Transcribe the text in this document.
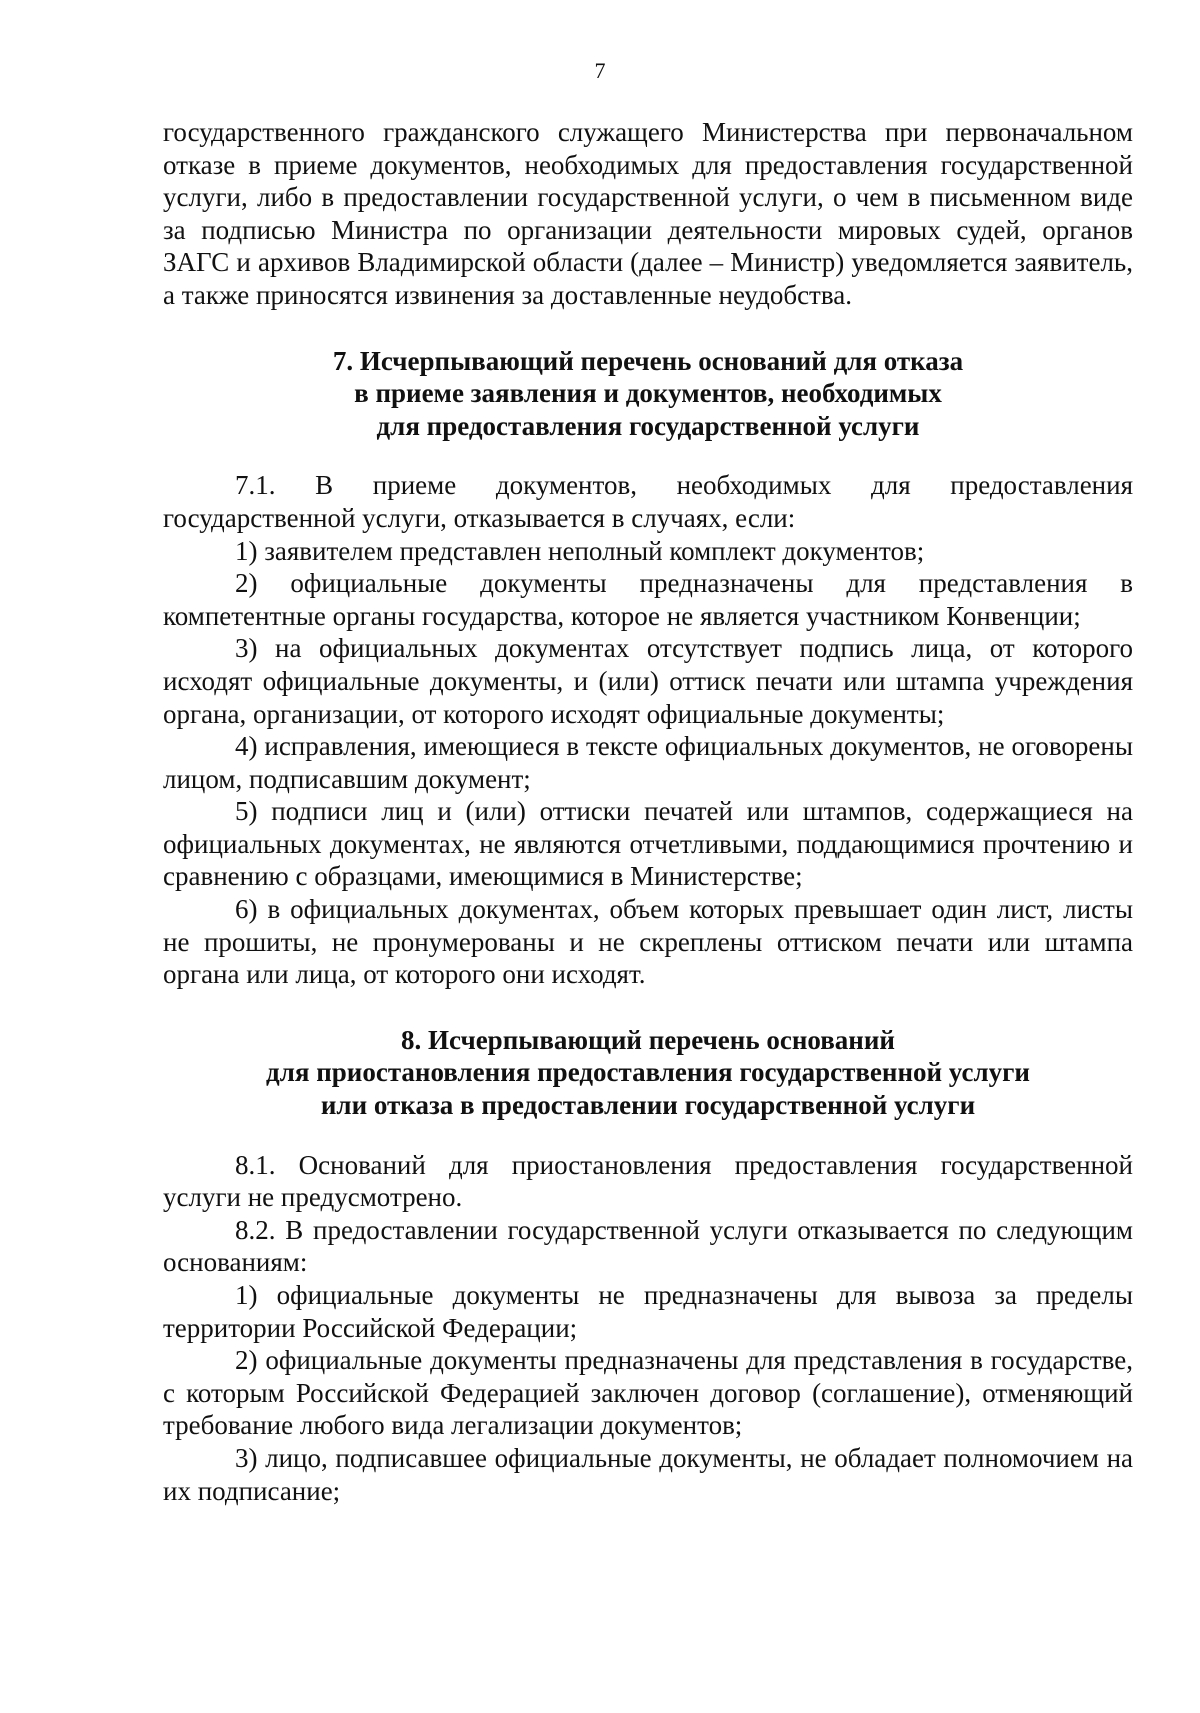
7

государственного гражданского служащего Министерства при первоначальном отказе в приеме документов, необходимых для предоставления государственной услуги, либо в предоставлении государственной услуги, о чем в письменном виде за подписью Министра по организации деятельности мировых судей, органов ЗАГС и архивов Владимирской области (далее – Министр) уведомляется заявитель, а также приносятся извинения за доставленные неудобства.

7. Исчерпывающий перечень оснований для отказа
в приеме заявления и документов, необходимых
для предоставления государственной услуги

7.1. В приеме документов, необходимых для предоставления государственной услуги, отказывается в случаях, если:

1) заявителем представлен неполный комплект документов;

2) официальные документы предназначены для представления в компетентные органы государства, которое не является участником Конвенции;

3) на официальных документах отсутствует подпись лица, от которого исходят официальные документы, и (или) оттиск печати или штампа учреждения органа, организации, от которого исходят официальные документы;

4) исправления, имеющиеся в тексте официальных документов, не оговорены лицом, подписавшим документ;

5) подписи лиц и (или) оттиски печатей или штампов, содержащиеся на официальных документах, не являются отчетливыми, поддающимися прочтению и сравнению с образцами, имеющимися в Министерстве;

6) в официальных документах, объем которых превышает один лист, листы не прошиты, не пронумерованы и не скреплены оттиском печати или штампа органа или лица, от которого они исходят.

8. Исчерпывающий перечень оснований
для приостановления предоставления государственной услуги
или отказа в предоставлении государственной услуги

8.1. Оснований для приостановления предоставления государственной услуги не предусмотрено.

8.2. В предоставлении государственной услуги отказывается по следующим основаниям:

1) официальные документы не предназначены для вывоза за пределы территории Российской Федерации;

2) официальные документы предназначены для представления в государстве, с которым Российской Федерацией заключен договор (соглашение), отменяющий требование любого вида легализации документов;

3) лицо, подписавшее официальные документы, не обладает полномочием на их подписание;
